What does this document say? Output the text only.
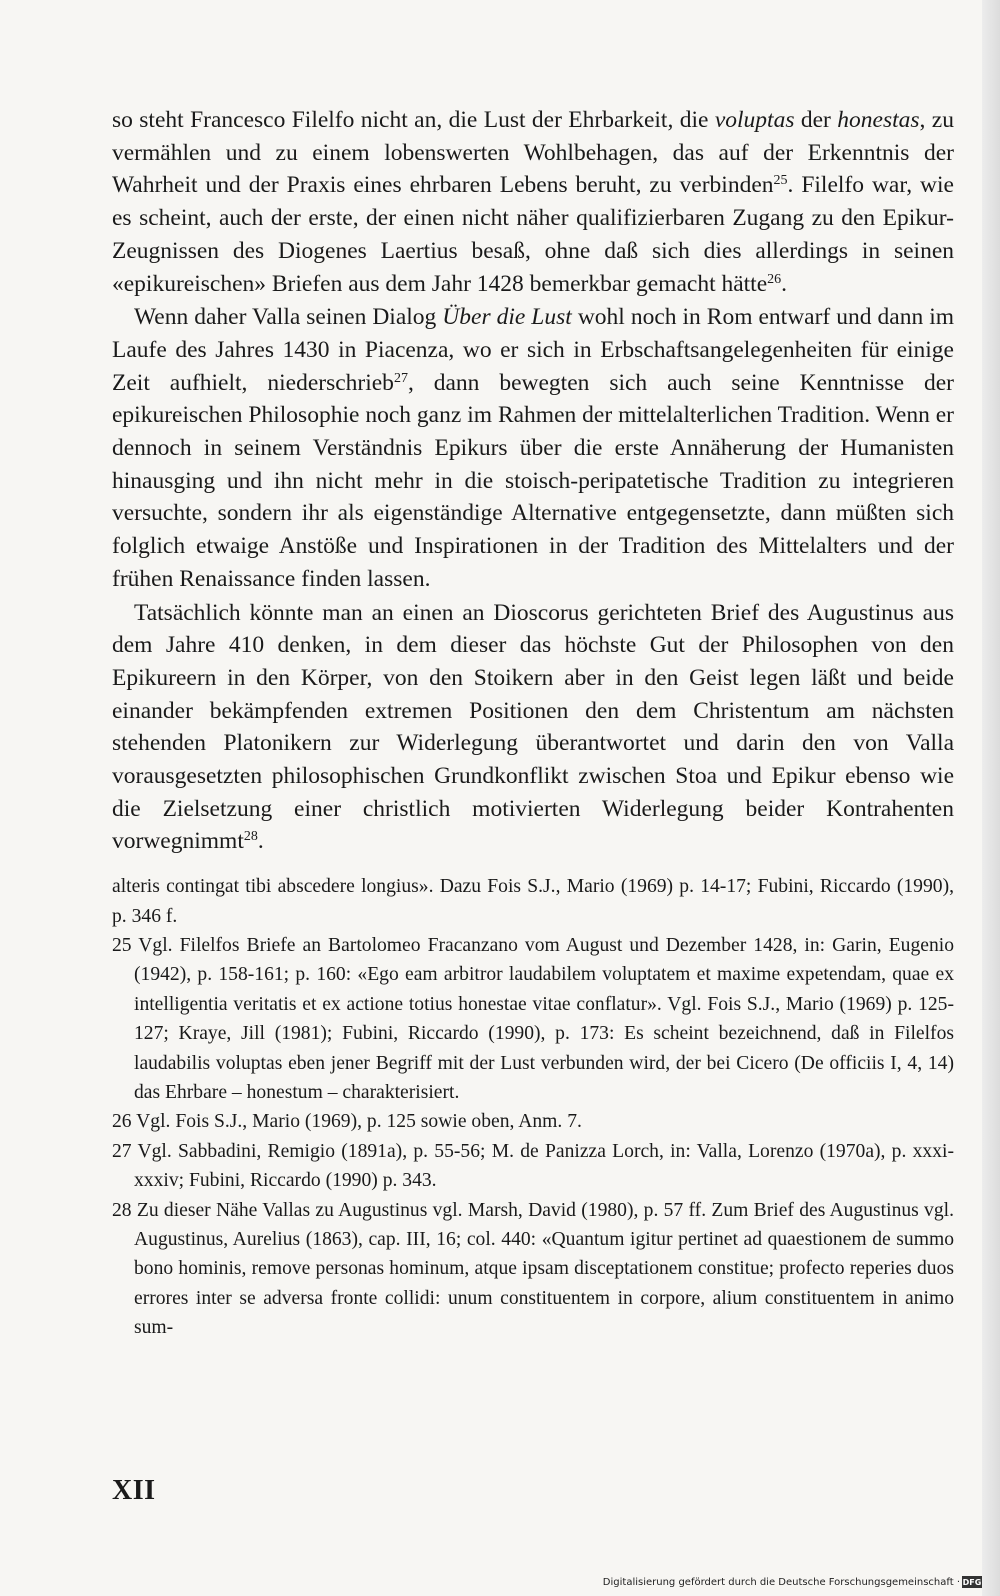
so steht Francesco Filelfo nicht an, die Lust der Ehrbarkeit, die voluptas der honestas, zu vermählen und zu einem lobenswerten Wohlbehagen, das auf der Erkenntnis der Wahrheit und der Praxis eines ehrbaren Lebens beruht, zu verbinden$^{25}$. Filelfo war, wie es scheint, auch der erste, der einen nicht näher qualifizierbaren Zugang zu den Epikur-Zeugnissen des Diogenes Laertius besaß, ohne daß sich dies allerdings in seinen «epikureischen» Briefen aus dem Jahr 1428 bemerkbar gemacht hätte$^{26}$.

Wenn daher Valla seinen Dialog Über die Lust wohl noch in Rom entwarf und dann im Laufe des Jahres 1430 in Piacenza, wo er sich in Erbschaftsangelegenheiten für einige Zeit aufhielt, niederschrieb$^{27}$, dann bewegten sich auch seine Kenntnisse der epikureischen Philosophie noch ganz im Rahmen der mittelalterlichen Tradition. Wenn er dennoch in seinem Verständnis Epikurs über die erste Annäherung der Humanisten hinausging und ihn nicht mehr in die stoisch-peripatetische Tradition zu integrieren versuchte, sondern ihr als eigenständige Alternative entgegensetzte, dann müßten sich folglich etwaige Anstöße und Inspirationen in der Tradition des Mittelalters und der frühen Renaissance finden lassen.

Tatsächlich könnte man an einen an Dioscorus gerichteten Brief des Augustinus aus dem Jahre 410 denken, in dem dieser das höchste Gut der Philosophen von den Epikureern in den Körper, von den Stoikern aber in den Geist legen läßt und beide einander bekämpfenden extremen Positionen den dem Christentum am nächsten stehenden Platonikern zur Widerlegung überantwortet und darin den von Valla vorausgesetzten philosophischen Grundkonflikt zwischen Stoa und Epikur ebenso wie die Zielsetzung einer christlich motivierten Widerlegung beider Kontrahenten vorwegnimmt$^{28}$.

alteris contingat tibi abscedere longius». Dazu Fois S.J., Mario (1969) p. 14-17; Fubini, Riccardo (1990), p. 346 f.

25 Vgl. Filelfos Briefe an Bartolomeo Fracanzano vom August und Dezember 1428, in: Garin, Eugenio (1942), p. 158-161; p. 160: «Ego eam arbitror laudabilem voluptatem et maxime expetendam, quae ex intelligentia veritatis et ex actione totius honestae vitae conflatur». Vgl. Fois S.J., Mario (1969) p. 125-127; Kraye, Jill (1981); Fubini, Riccardo (1990), p. 173: Es scheint bezeichnend, daß in Filelfos laudabilis voluptas eben jener Begriff mit der Lust verbunden wird, der bei Cicero (De officiis I, 4, 14) das Ehrbare – honestum – charakterisiert.

26 Vgl. Fois S.J., Mario (1969), p. 125 sowie oben, Anm. 7.

27 Vgl. Sabbadini, Remigio (1891a), p. 55-56; M. de Panizza Lorch, in: Valla, Lorenzo (1970a), p. xxxi-xxxiv; Fubini, Riccardo (1990) p. 343.

28 Zu dieser Nähe Vallas zu Augustinus vgl. Marsh, David (1980), p. 57 ff. Zum Brief des Augustinus vgl. Augustinus, Aurelius (1863), cap. III, 16; col. 440: «Quantum igitur pertinet ad quaestionem de summo bono hominis, remove personas hominum, atque ipsam disceptationem constitue; profecto reperies duos errores inter se adversa fronte collidi: unum constituentem in corpore, alium constituentem in animo sum-

XII
Digitalisierung gefördert durch die Deutsche Forschungsgemeinschaft · DFG
